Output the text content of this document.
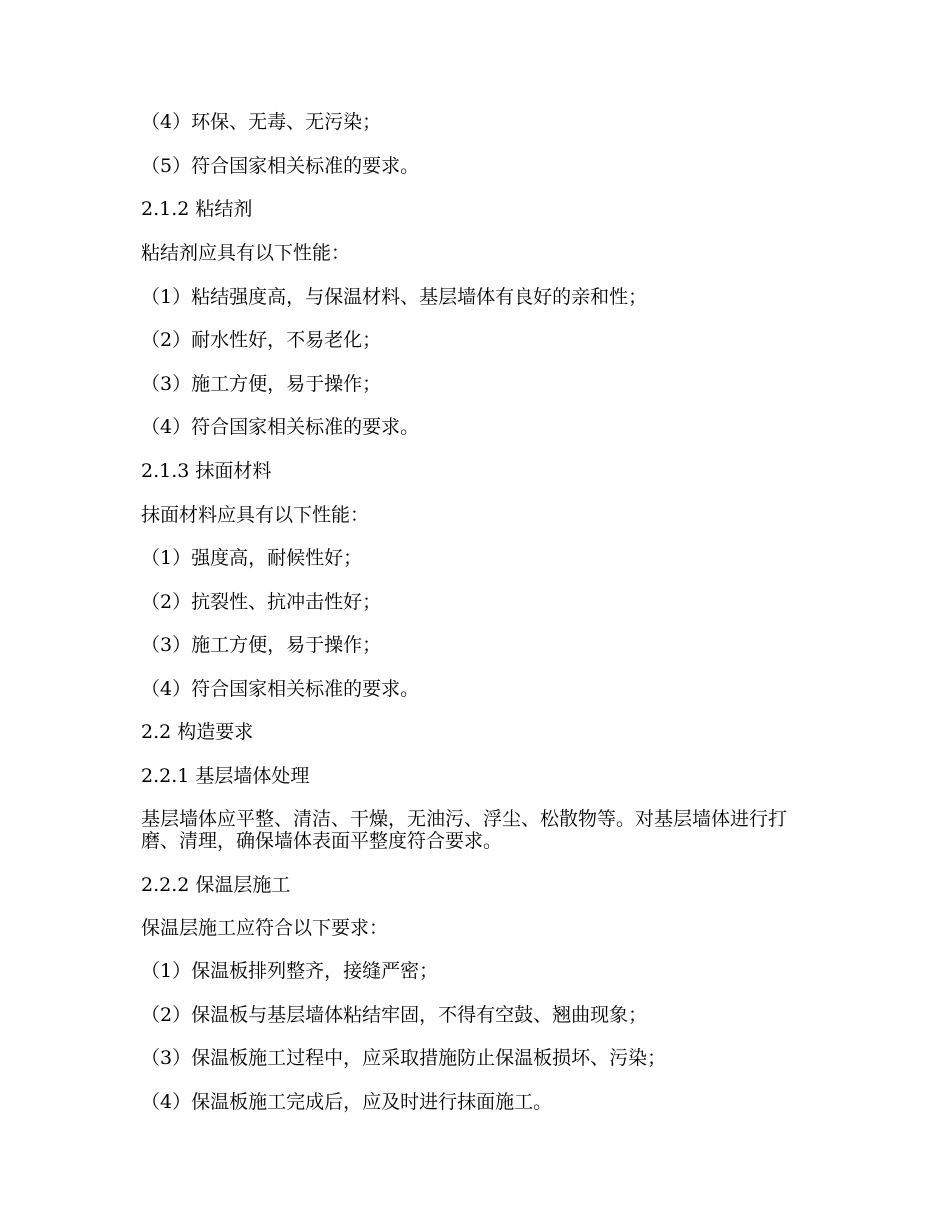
（4）环保、无毒、无污染；
（5）符合国家相关标准的要求。
2.1.2 粘结剂
粘结剂应具有以下性能：
（1）粘结强度高，与保温材料、基层墙体有良好的亲和性；
（2）耐水性好，不易老化；
（3）施工方便，易于操作；
（4）符合国家相关标准的要求。
2.1.3 抹面材料
抹面材料应具有以下性能：
（1）强度高，耐候性好；
（2）抗裂性、抗冲击性好；
（3）施工方便，易于操作；
（4）符合国家相关标准的要求。
2.2 构造要求
2.2.1 基层墙体处理
基层墙体应平整、清洁、干燥，无油污、浮尘、松散物等。对基层墙体进行打磨、清理，确保墙体表面平整度符合要求。
2.2.2 保温层施工
保温层施工应符合以下要求：
（1）保温板排列整齐，接缝严密；
（2）保温板与基层墙体粘结牢固，不得有空鼓、翘曲现象；
（3）保温板施工过程中，应采取措施防止保温板损坏、污染；
（4）保温板施工完成后，应及时进行抹面施工。
